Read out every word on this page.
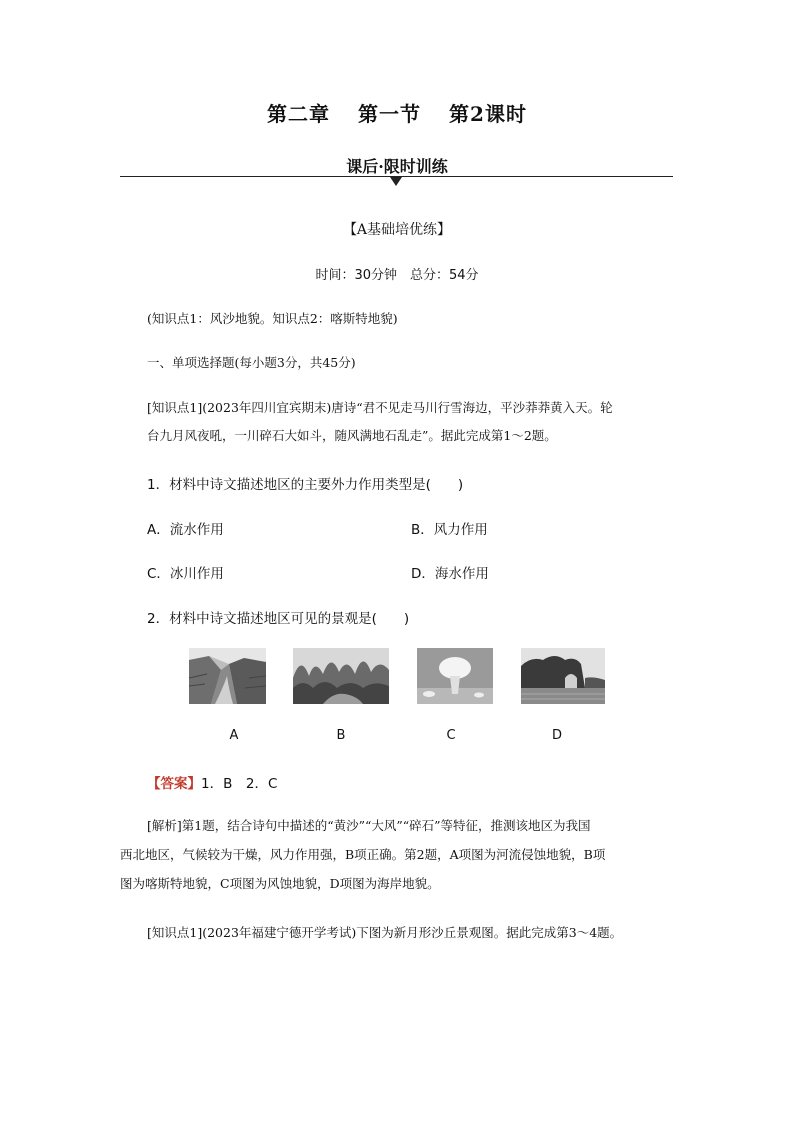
第二章 第一节 第2课时
课后·限时训练
【A基础培优练】
时间：30分钟　总分：54分
(知识点1：风沙地貌。知识点2：喀斯特地貌)
一、单项选择题(每小题3分，共45分)
[知识点1](2023年四川宜宾期末)唐诗“君不见走马川行雪海边，平沙莽莽黄入天。轮
台九月风夜吼，一川碎石大如斗，随风满地石乱走”。据此完成第1～2题。
1．材料中诗文描述地区的主要外力作用类型是(　　)
A．流水作用	B．风力作用
C．冰川作用	D．海水作用
2．材料中诗文描述地区可见的景观是(　　)
A	B	C	D
【答案】1．B　2．C
[解析]第1题，结合诗句中描述的“黄沙”“大风”“碎石”等特征，推测该地区为我国
西北地区，气候较为干燥，风力作用强，B项正确。第2题，A项图为河流侵蚀地貌，B项
图为喀斯特地貌，C项图为风蚀地貌，D项图为海岸地貌。
[知识点1](2023年福建宁德开学考试)下图为新月形沙丘景观图。据此完成第3～4题。
